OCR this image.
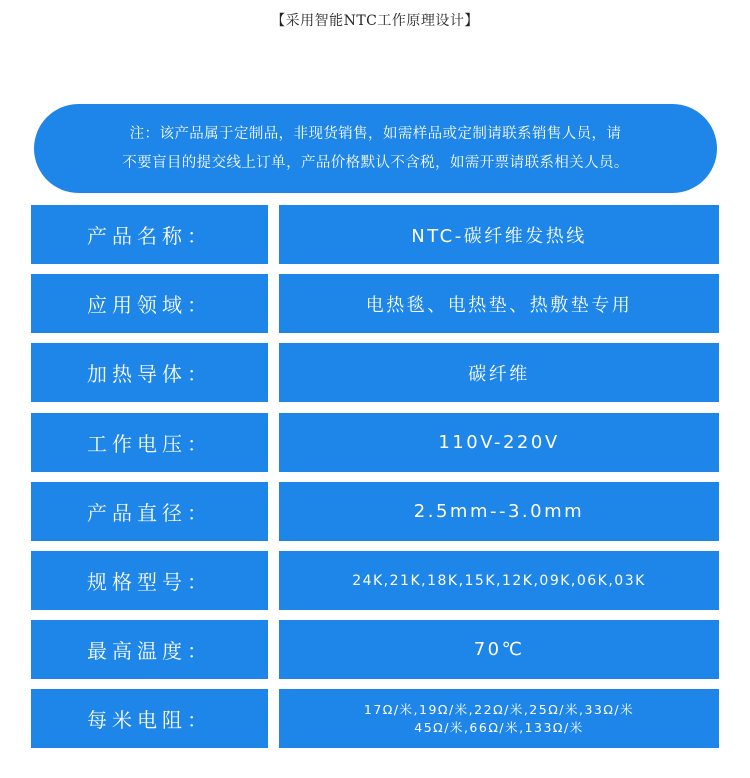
【采用智能NTC工作原理设计】
注：该产品属于定制品，非现货销售，如需样品或定制请联系销售人员，请
不要盲目的提交线上订单，产品价格默认不含税，如需开票请联系相关人员。
产品名称：	NTC-碳纤维发热线
应用领域：	电热毯、电热垫、热敷垫专用
加热导体：	碳纤维
工作电压：	110V-220V
产品直径：	2.5mm--3.0mm
规格型号：	24K,21K,18K,15K,12K,09K,06K,03K
最高温度：	70℃
每米电阻：	17Ω/米,19Ω/米,22Ω/米,25Ω/米,33Ω/米
45Ω/米,66Ω/米,133Ω/米
